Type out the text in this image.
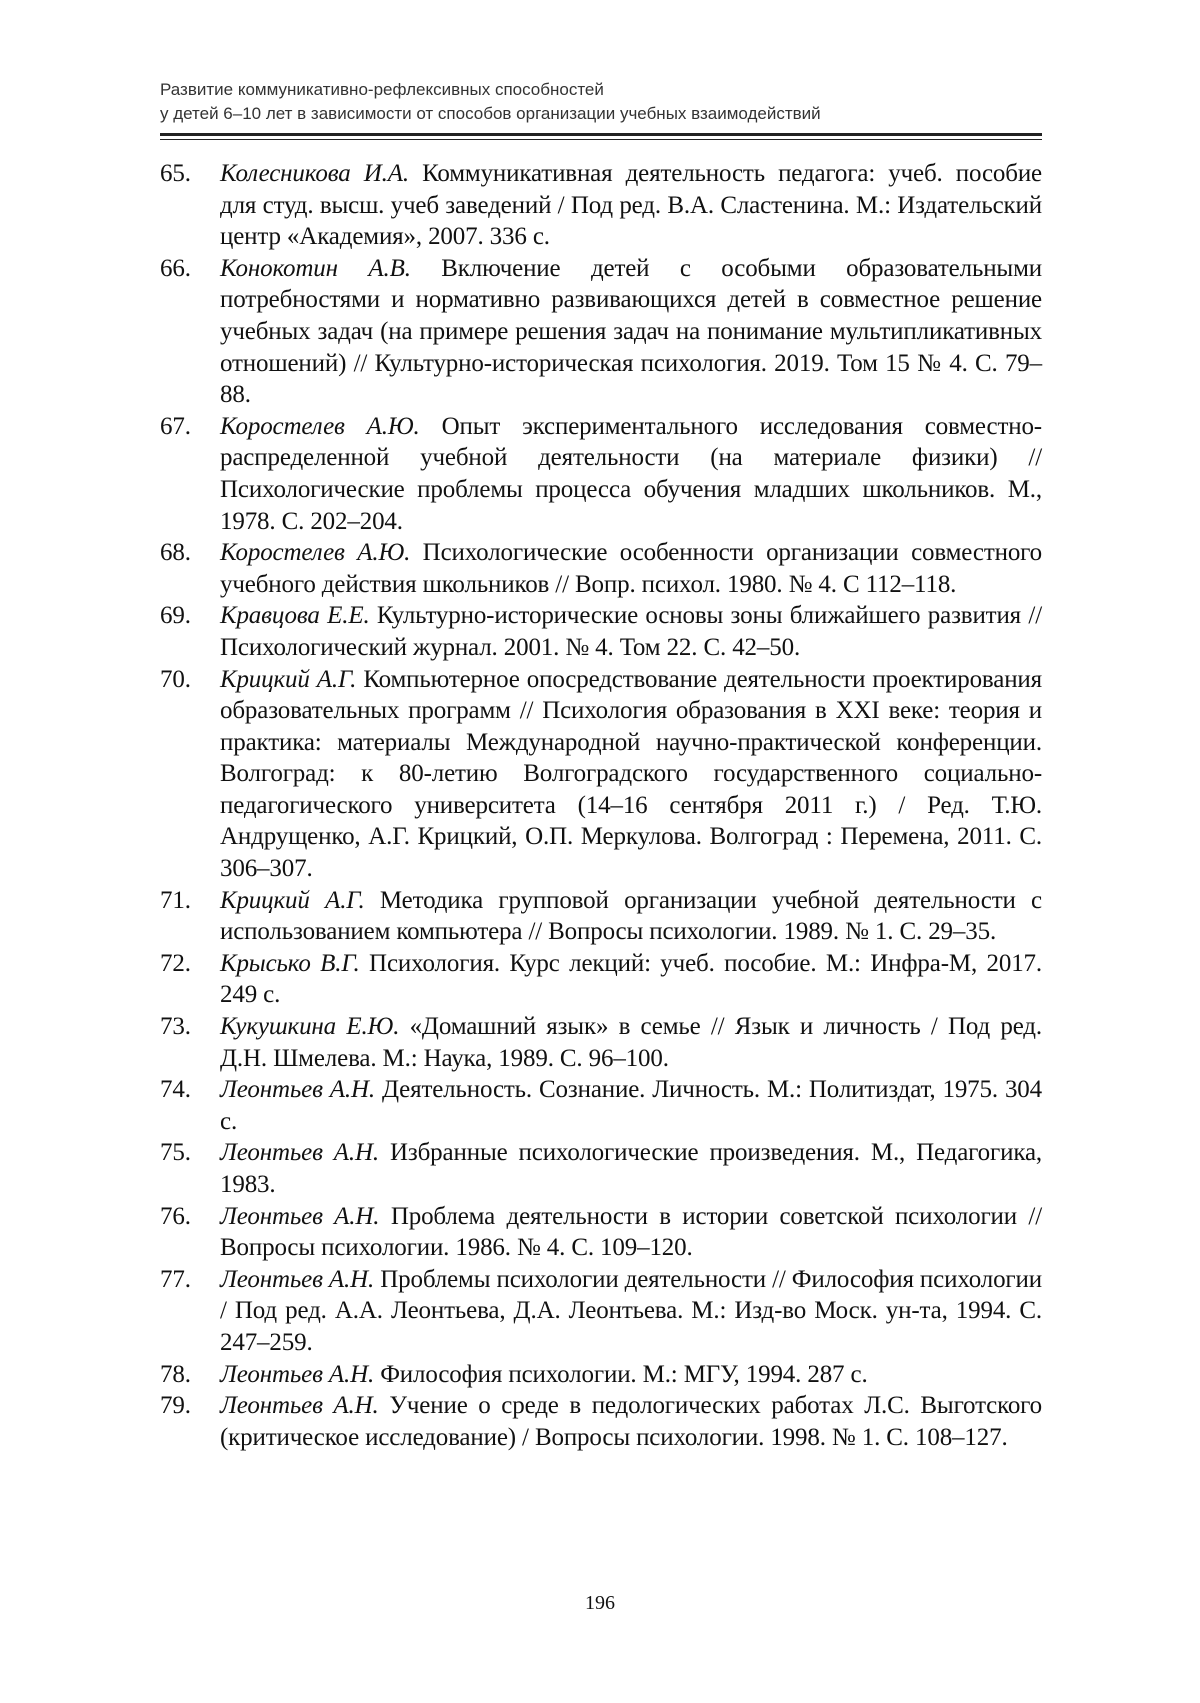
Развитие коммуникативно-рефлексивных способностей
у детей 6–10 лет в зависимости от способов организации учебных взаимодействий
65. Колесникова И.А. Коммуникативная деятельность педагога: учеб. пособие для студ. высш. учеб заведений / Под ред. В.А. Сластенина. М.: Издательский центр «Академия», 2007. 336 с.
66. Конокотин А.В. Включение детей с особыми образовательными потребностями и нормативно развивающихся детей в совместное решение учебных задач (на примере решения задач на понимание мультипликативных отношений) // Культурно-историческая психология. 2019. Том 15 № 4. С. 79–88.
67. Коростелев А.Ю. Опыт экспериментального исследования совместно-распределенной учебной деятельности (на материале физики) // Психологические проблемы процесса обучения младших школьников. М., 1978. С. 202–204.
68. Коростелев А.Ю. Психологические особенности организации совместного учебного действия школьников // Вопр. психол. 1980. № 4. С 112–118.
69. Кравцова Е.Е. Культурно-исторические основы зоны ближайшего развития // Психологический журнал. 2001. № 4. Том 22. С. 42–50.
70. Крицкий А.Г. Компьютерное опосредствование деятельности проектирования образовательных программ // Психология образования в XXI веке: теория и практика: материалы Международной научно-практической конференции. Волгоград: к 80-летию Волгоградского государственного социально-педагогического университета (14–16 сентября 2011 г.) / Ред. Т.Ю. Андрущенко, А.Г. Крицкий, О.П. Меркулова. Волгоград : Перемена, 2011. С. 306–307.
71. Крицкий А.Г. Методика групповой организации учебной деятельности с использованием компьютера // Вопросы психологии. 1989. № 1. С. 29–35.
72. Крысько В.Г. Психология. Курс лекций: учеб. пособие. М.: Инфра-М, 2017. 249 с.
73. Кукушкина Е.Ю. «Домашний язык» в семье // Язык и личность / Под ред. Д.Н. Шмелева. М.: Наука, 1989. С. 96–100.
74. Леонтьев А.Н. Деятельность. Сознание. Личность. М.: Политиздат, 1975. 304 с.
75. Леонтьев А.Н. Избранные психологические произведения. М., Педагогика, 1983.
76. Леонтьев А.Н. Проблема деятельности в истории советской психологии // Вопросы психологии. 1986. № 4. С. 109–120.
77. Леонтьев А.Н. Проблемы психологии деятельности // Философия психологии / Под ред. А.А. Леонтьева, Д.А. Леонтьева. М.: Изд-во Моск. ун-та, 1994. С. 247–259.
78. Леонтьев А.Н. Философия психологии. М.: МГУ, 1994. 287 с.
79. Леонтьев А.Н. Учение о среде в педологических работах Л.С. Выготского (критическое исследование) / Вопросы психологии. 1998. № 1. С. 108–127.
196
